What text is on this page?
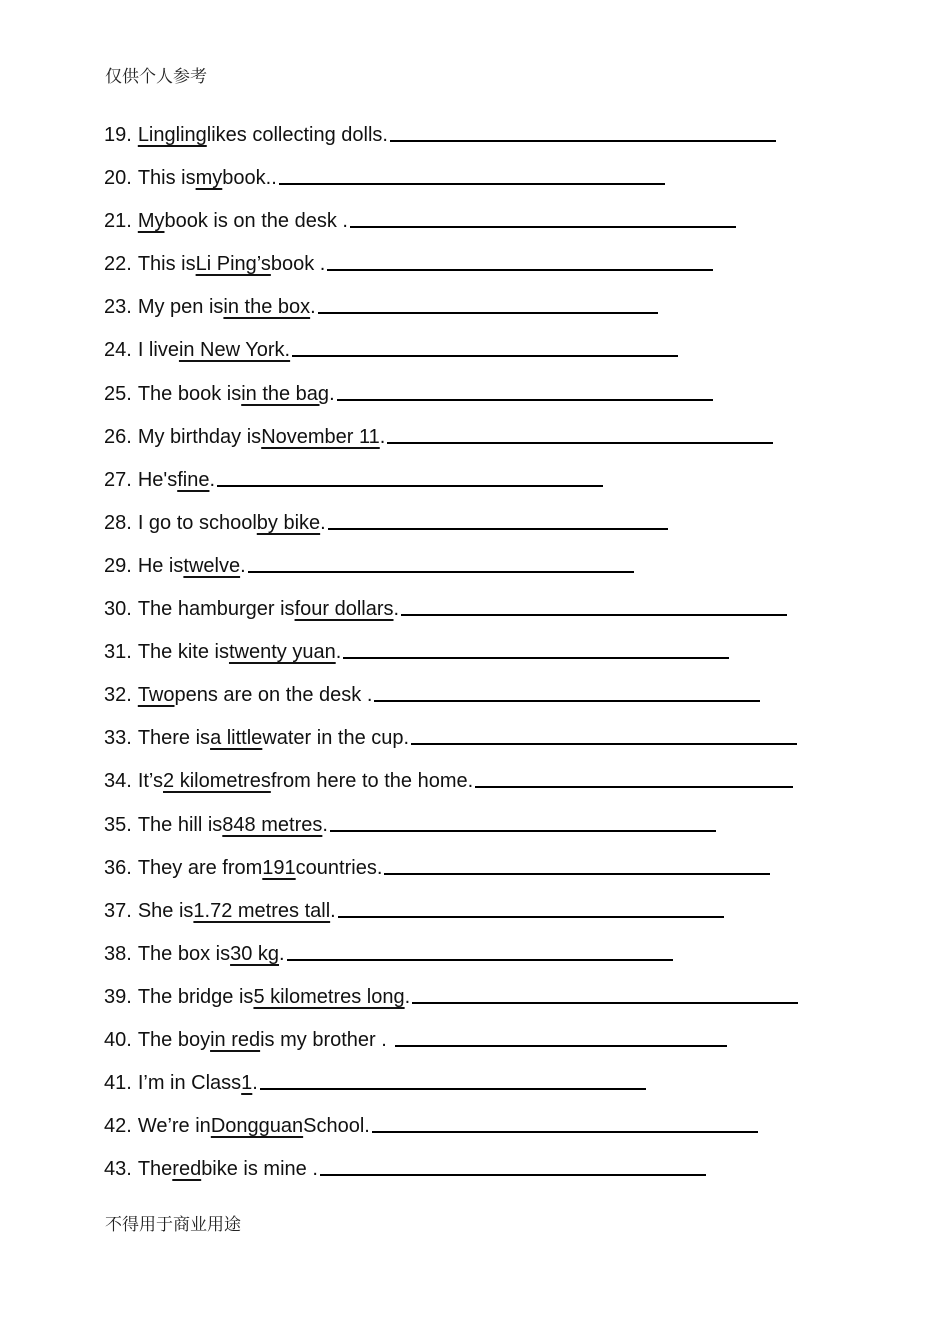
仅供个人参考
19. Lingling likes collecting dolls.
20. This is my book..
21. My book is on the desk .
22. This is Li Ping’s book .
23. My pen is in the box .
24. I live in New York.
25. The book is in the bag .
26. My birthday is November 11 .
27. He's fine .
28. I go to school by bike .
29. He is twelve .
30. The hamburger is four dollars .
31. The kite is twenty yuan .
32. Two pens are on the desk .
33. There is a little water in the cup.
34. It’s 2 kilometres from here to the home.
35. The hill is 848 metres .
36. They are from 191 countries.
37. She is 1.72 metres tall .
38. The box is 30 kg .
39. The bridge is 5 kilometres long .
40. The boy in red is my brother .
41. I’m in Class 1 .
42. We’re in Dongguan School.
43. The red bike is mine .
不得用于商业用途
